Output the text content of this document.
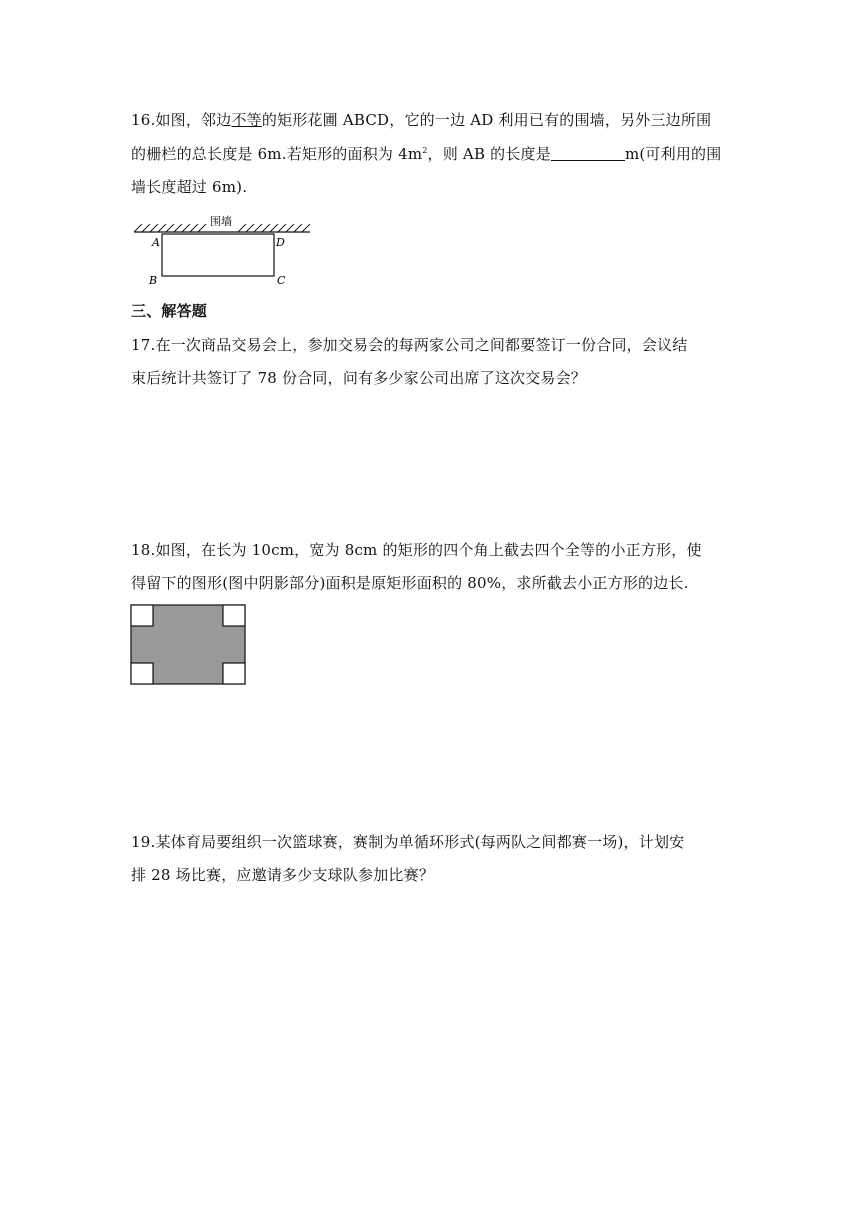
16.如图，邻边不等的矩形花圃 ABCD，它的一边 AD 利用已有的围墙，另外三边所围
的栅栏的总长度是 6m.若矩形的面积为 $4m^2$，则 AB 的长度是	m(可利用的围
墙长度超过 6m).
围墙
A	D
B	C
三、解答题
17.在一次商品交易会上，参加交易会的每两家公司之间都要签订一份合同，会议结
束后统计共签订了 78 份合同，问有多少家公司出席了这次交易会？
18.如图，在长为 10cm，宽为 8cm 的矩形的四个角上截去四个全等的小正方形，使
得留下的图形(图中阴影部分)面积是原矩形面积的 80%，求所截去小正方形的边长.
19.某体育局要组织一次篮球赛，赛制为单循环形式(每两队之间都赛一场)，计划安
排 28 场比赛，应邀请多少支球队参加比赛？
